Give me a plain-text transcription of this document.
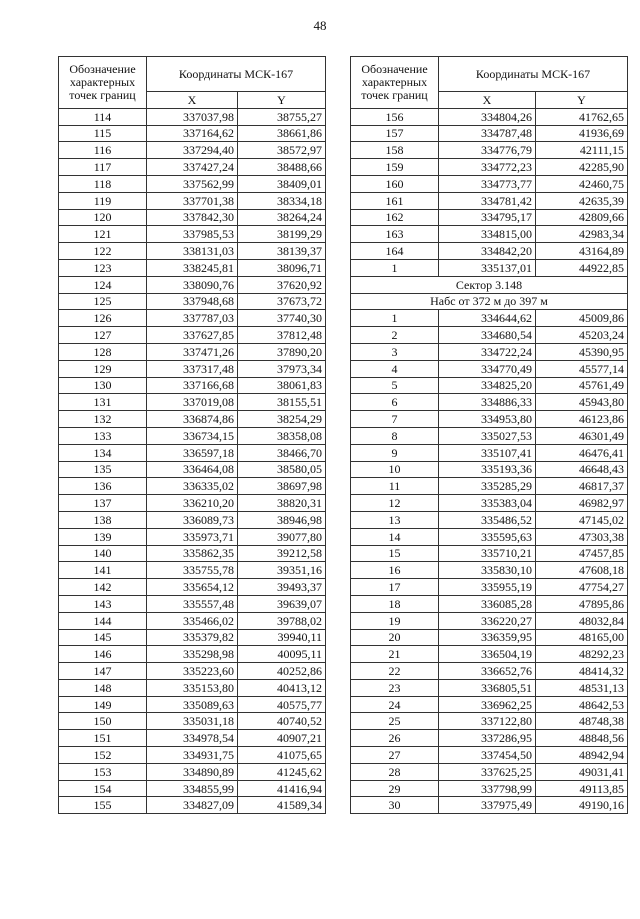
48
Обозначение характерных точек границ	Координаты МСК-167	
	X	Y
114	337037,98	38755,27
115	337164,62	38661,86
116	337294,40	38572,97
117	337427,24	38488,66
118	337562,99	38409,01
119	337701,38	38334,18
120	337842,30	38264,24
121	337985,53	38199,29
122	338131,03	38139,37
123	338245,81	38096,71
124	338090,76	37620,92
125	337948,68	37673,72
126	337787,03	37740,30
127	337627,85	37812,48
128	337471,26	37890,20
129	337317,48	37973,34
130	337166,68	38061,83
131	337019,08	38155,51
132	336874,86	38254,29
133	336734,15	38358,08
134	336597,18	38466,70
135	336464,08	38580,05
136	336335,02	38697,98
137	336210,20	38820,31
138	336089,73	38946,98
139	335973,71	39077,80
140	335862,35	39212,58
141	335755,78	39351,16
142	335654,12	39493,37
143	335557,48	39639,07
144	335466,02	39788,02
145	335379,82	39940,11
146	335298,98	40095,11
147	335223,60	40252,86
148	335153,80	40413,12
149	335089,63	40575,77
150	335031,18	40740,52
151	334978,54	40907,21
152	334931,75	41075,65
153	334890,89	41245,62
154	334855,99	41416,94
155	334827,09	41589,34
Обозначение характерных точек границ	Координаты МСК-167	
	X	Y
156	334804,26	41762,65
157	334787,48	41936,69
158	334776,79	42111,15
159	334772,23	42285,90
160	334773,77	42460,75
161	334781,42	42635,39
162	334795,17	42809,66
163	334815,00	42983,34
164	334842,20	43164,89
1	335137,01	44922,85
Сектор 3.148		
Набс от 372 м до 397 м		
1	334644,62	45009,86
2	334680,54	45203,24
3	334722,24	45390,95
4	334770,49	45577,14
5	334825,20	45761,49
6	334886,33	45943,80
7	334953,80	46123,86
8	335027,53	46301,49
9	335107,41	46476,41
10	335193,36	46648,43
11	335285,29	46817,37
12	335383,04	46982,97
13	335486,52	47145,02
14	335595,63	47303,38
15	335710,21	47457,85
16	335830,10	47608,18
17	335955,19	47754,27
18	336085,28	47895,86
19	336220,27	48032,84
20	336359,95	48165,00
21	336504,19	48292,23
22	336652,76	48414,32
23	336805,51	48531,13
24	336962,25	48642,53
25	337122,80	48748,38
26	337286,95	48848,56
27	337454,50	48942,94
28	337625,25	49031,41
29	337798,99	49113,85
30	337975,49	49190,16
